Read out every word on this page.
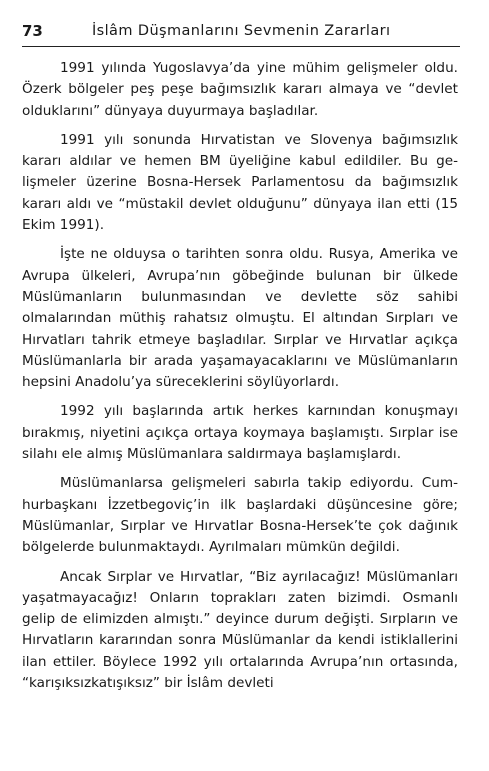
73	İslâm Düşmanlarını Sevmenin Zararları

1991 yılında Yugoslavya’da yine mühim gelişmeler oldu. Özerk bölgeler peş peşe bağımsızlık kararı almaya ve “devlet olduklarını” dünyaya duyurmaya başladılar.

1991 yılı sonunda Hırvatistan ve Slovenya bağımsızlık kararı aldılar ve hemen BM üyeliğine kabul edildiler. Bu gelişmeler üzerine Bosna-Hersek Parlamentosu da bağımsızlık kararı aldı ve “müstakil devlet olduğunu” dünyaya ilan etti (15 Ekim 1991).

İşte ne olduysa o tarihten sonra oldu. Rusya, Amerika ve Avrupa ülkeleri, Avrupa’nın göbeğinde bulunan bir ülkede Müslümanların bulunmasından ve devlette söz sahibi olmalarından müthiş rahatsız olmuştu. El altından Sırpları ve Hırvatları tahrik etmeye başladılar. Sırplar ve Hırvatlar açıkça Müslümanlarla bir arada yaşamayacaklarını ve Müslümanların hepsini Anadolu’ya süreceklerini söylüyorlardı.

1992 yılı başlarında artık herkes karnından konuşmayı bırakmış, niyetini açıkça ortaya koymaya başlamıştı. Sırplar ise silahı ele almış Müslümanlara saldırmaya başlamışlardı.

Müslümanlarsa gelişmeleri sabırla takip ediyordu. Cumhurbaşkanı İzzetbegoviç’in ilk başlardaki düşüncesine göre; Müslümanlar, Sırplar ve Hırvatlar Bosna-Hersek’te çok dağınık bölgelerde bulunmaktaydı. Ayrılmaları mümkün değildi.

Ancak Sırplar ve Hırvatlar, “Biz ayrılacağız! Müslümanları yaşatmayacağız! Onların toprakları zaten bizimdi. Osmanlı gelip de elimizden almıştı.” deyince durum değişti. Sırpların ve Hırvatların kararından sonra Müslümanlar da kendi istiklallerini ilan ettiler. Böylece 1992 yılı ortalarında Avrupa’nın ortasında, “karışıksızkatışıksız” bir İslâm devleti
